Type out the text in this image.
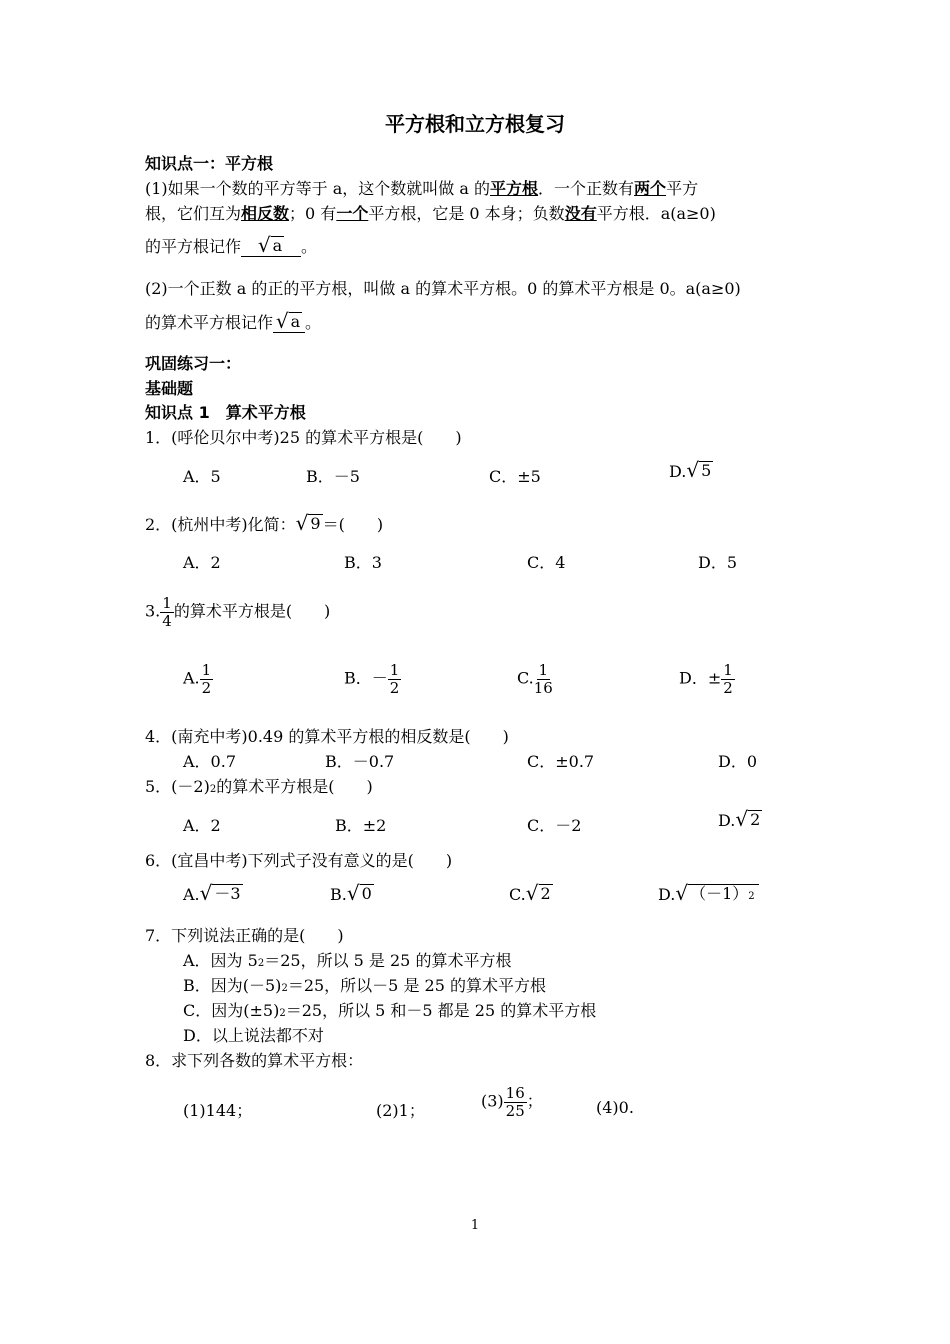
平方根和立方根复习
知识点一：平方根
(1)如果一个数的平方等于 a，这个数就叫做 a 的平方根．一个正数有两个平方
根，它们互为相反数；0 有一个平方根，它是 0 本身；负数没有平方根．a(a≥0)
的平方根记作 √ a 。
(2)一个正数 a 的正的平方根，叫做 a 的算术平方根。0 的算术平方根是 0。a(a≥0)
的算术平方根记作 √ a 。
巩固练习一：
基础题
知识点 1　算术平方根
1．(呼伦贝尔中考)25 的算术平方根是(　　)
A．5	B．－5	C．±5	D. √ 5
2．(杭州中考)化简： √ 9 ＝(　　)
A．2	B．3	C．4	D．5
3. $\frac{1}{4}$ 的算术平方根是(　　)
A. $\frac{1}{2}$	B．－ $\frac{1}{2}$	C. $\frac{1}{16}$	D．± $\frac{1}{2}$
4．(南充中考)0.49 的算术平方根的相反数是(　　)
A．0.7	B．－0.7	C．±0.7	D．0
5．(－2)2的算术平方根是(　　)
A．2	B．±2	C．－2	D. √ 2
6．(宜昌中考)下列式子没有意义的是(　　)
A. √ －3	B. √ 0	C. √ 2	D. √ （－1）2
7．下列说法正确的是(　　)
A．因为 52＝25，所以 5 是 25 的算术平方根
B．因为(－5)2＝25，所以－5 是 25 的算术平方根
C．因为(±5)2＝25，所以 5 和－5 都是 25 的算术平方根
D．以上说法都不对
8．求下列各数的算术平方根：
(1)144；	(2)1；	$(3) \frac{16}{25}$ ；	(4)0.
1
